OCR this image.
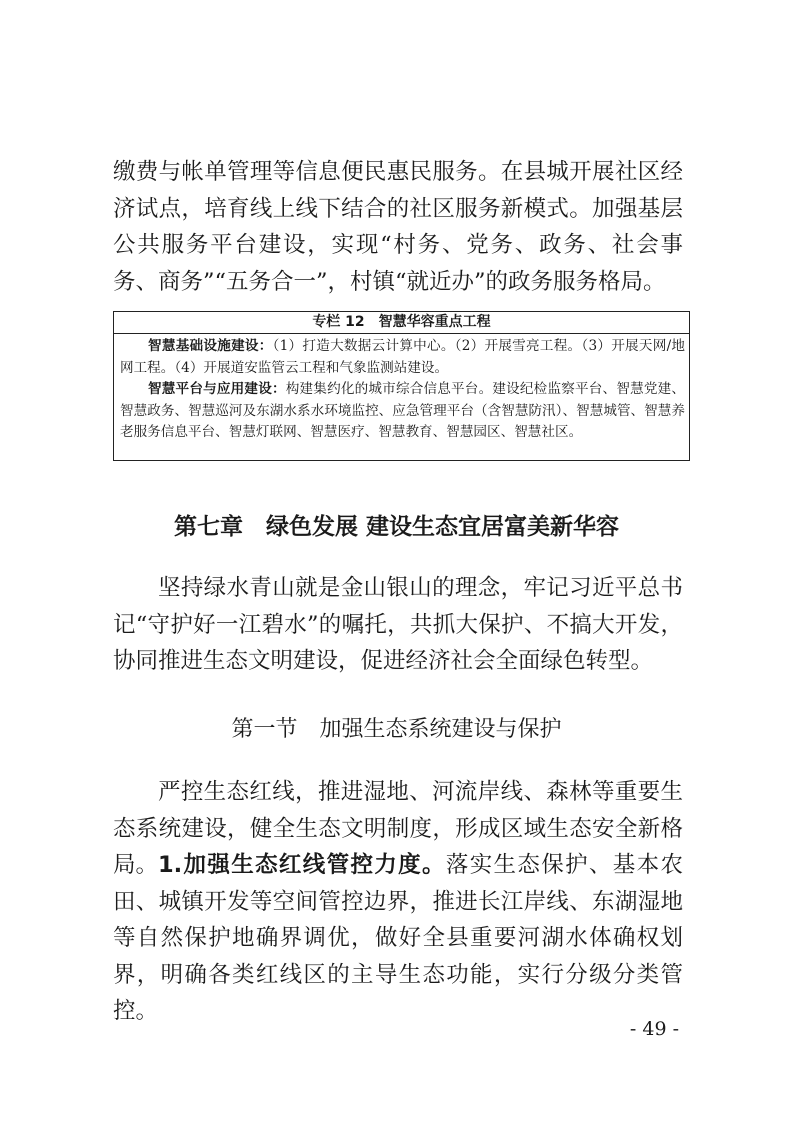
缴费与帐单管理等信息便民惠民服务。在县城开展社区经济试点，培育线上线下结合的社区服务新模式。加强基层公共服务平台建设，实现“村务、党务、政务、社会事务、商务”“五务合一”，村镇“就近办”的政务服务格局。

专栏 12　智慧华容重点工程

智慧基础设施建设：（1）打造大数据云计算中心。（2）开展雪亮工程。（3）开展天网/地网工程。（4）开展道安监管云工程和气象监测站建设。

智慧平台与应用建设：构建集约化的城市综合信息平台。建设纪检监察平台、智慧党建、智慧政务、智慧巡河及东湖水系水环境监控、应急管理平台（含智慧防汛）、智慧城管、智慧养老服务信息平台、智慧灯联网、智慧医疗、智慧教育、智慧园区、智慧社区。

第七章　绿色发展 建设生态宜居富美新华容

坚持绿水青山就是金山银山的理念，牢记习近平总书记“守护好一江碧水”的嘱托，共抓大保护、不搞大开发，协同推进生态文明建设，促进经济社会全面绿色转型。

第一节　加强生态系统建设与保护

严控生态红线，推进湿地、河流岸线、森林等重要生态系统建设，健全生态文明制度，形成区域生态安全新格局。 1.加强生态红线管控力度。落实生态保护、基本农田、城镇开发等空间管控边界，推进长江岸线、东湖湿地等自然保护地确界调优，做好全县重要河湖水体确权划界，明确各类红线区的主导生态功能，实行分级分类管控。

- 49 -
